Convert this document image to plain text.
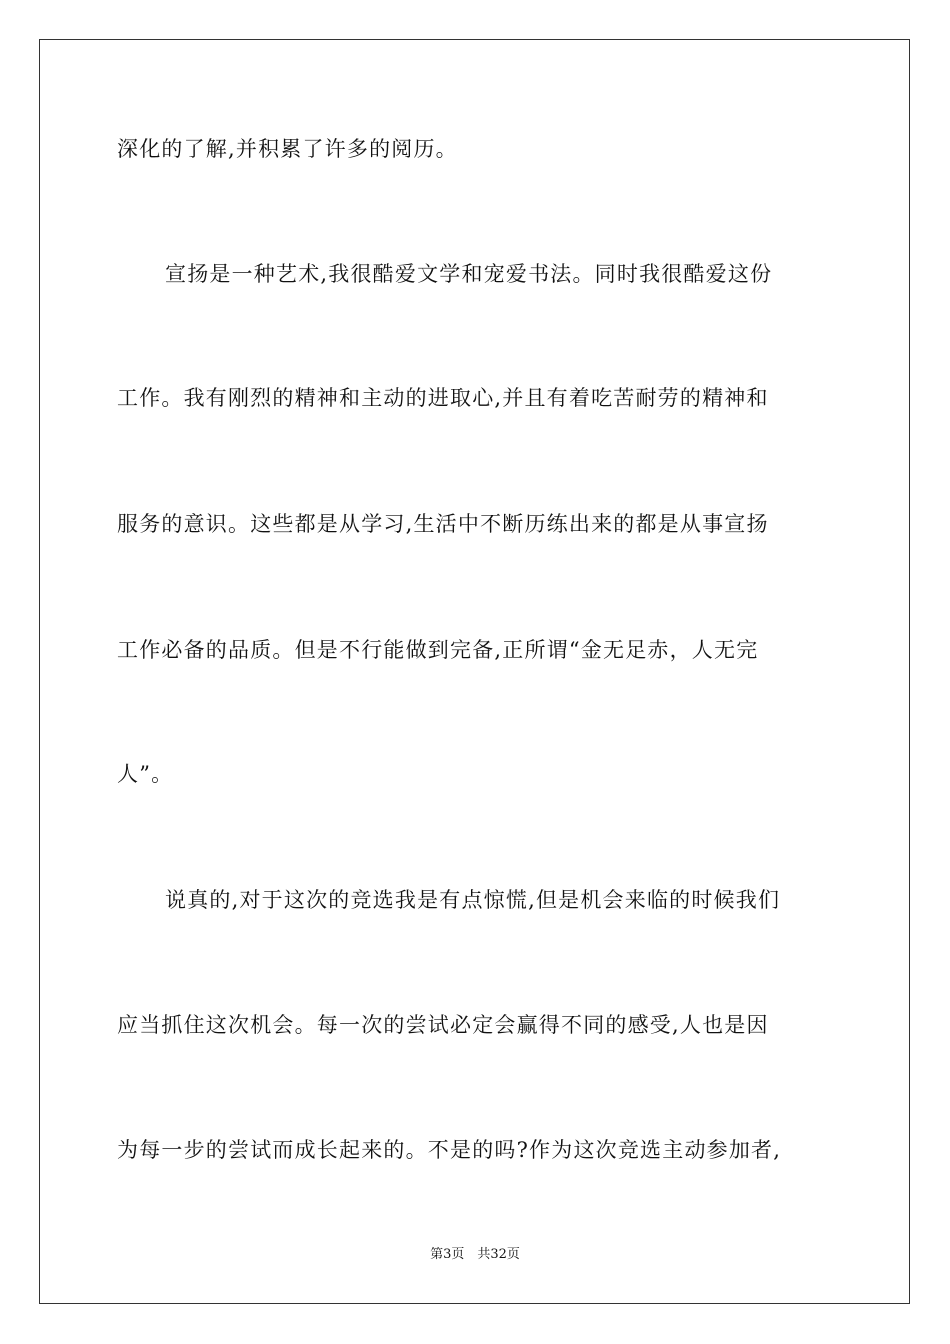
深化的了解,并积累了许多的阅历。
宣扬是一种艺术,我很酷爱文学和宠爱书法。同时我很酷爱这份
工作。我有刚烈的精神和主动的进取心,并且有着吃苦耐劳的精神和
服务的意识。这些都是从学习,生活中不断历练出来的都是从事宣扬
工作必备的品质。但是不行能做到完备,正所谓“金无足赤，人无完
人”。
说真的,对于这次的竞选我是有点惊慌,但是机会来临的时候我们
应当抓住这次机会。每一次的尝试必定会赢得不同的感受,人也是因
为每一步的尝试而成长起来的。不是的吗?作为这次竞选主动参加者,
第3页　共32页
